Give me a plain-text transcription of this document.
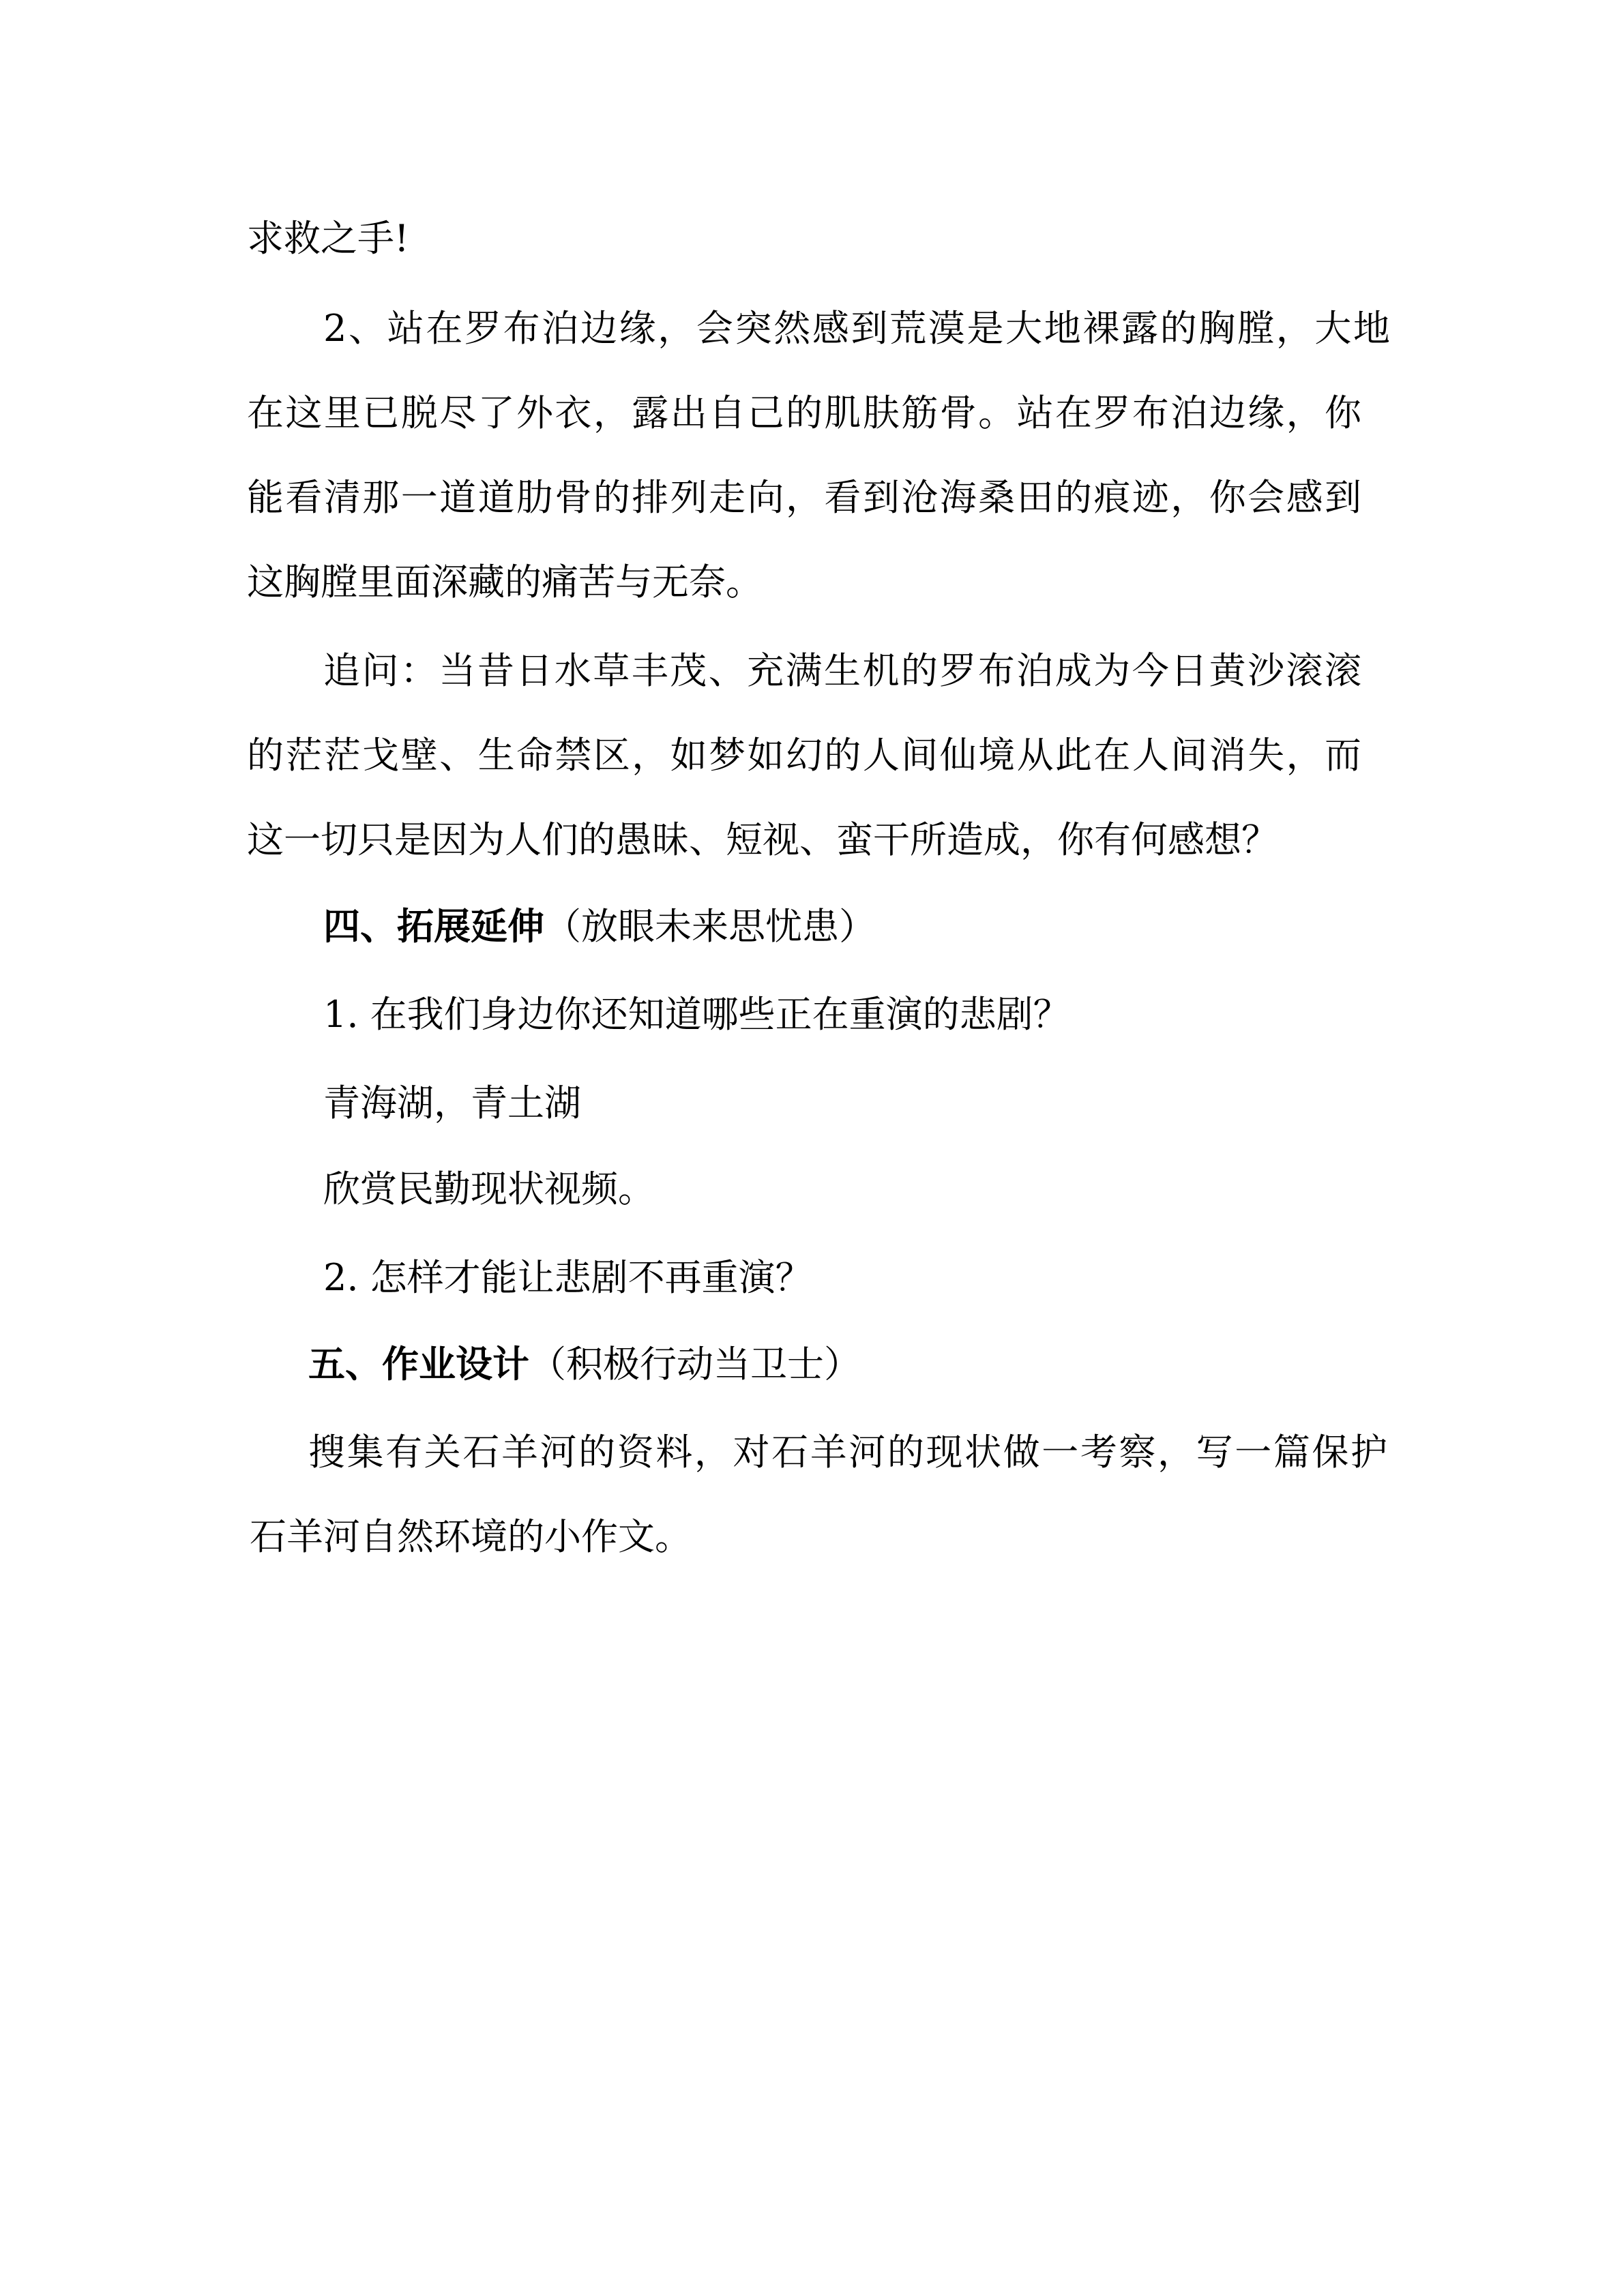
求救之手!
2、站在罗布泊边缘，会突然感到荒漠是大地裸露的胸膛，大地
在这里已脱尽了外衣，露出自己的肌肤筋骨。站在罗布泊边缘，你
能看清那一道道肋骨的排列走向，看到沧海桑田的痕迹，你会感到
这胸膛里面深藏的痛苦与无奈。
追问：当昔日水草丰茂、充满生机的罗布泊成为今日黄沙滚滚
的茫茫戈壁、生命禁区，如梦如幻的人间仙境从此在人间消失，而
这一切只是因为人们的愚昧、短视、蛮干所造成，你有何感想？
四、拓展延伸（放眼未来思忧患）
1. 在我们身边你还知道哪些正在重演的悲剧？
青海湖，青土湖
欣赏民勤现状视频。
2. 怎样才能让悲剧不再重演？
五、作业设计（积极行动当卫士）
搜集有关石羊河的资料，对石羊河的现状做一考察，写一篇保护
石羊河自然环境的小作文。
